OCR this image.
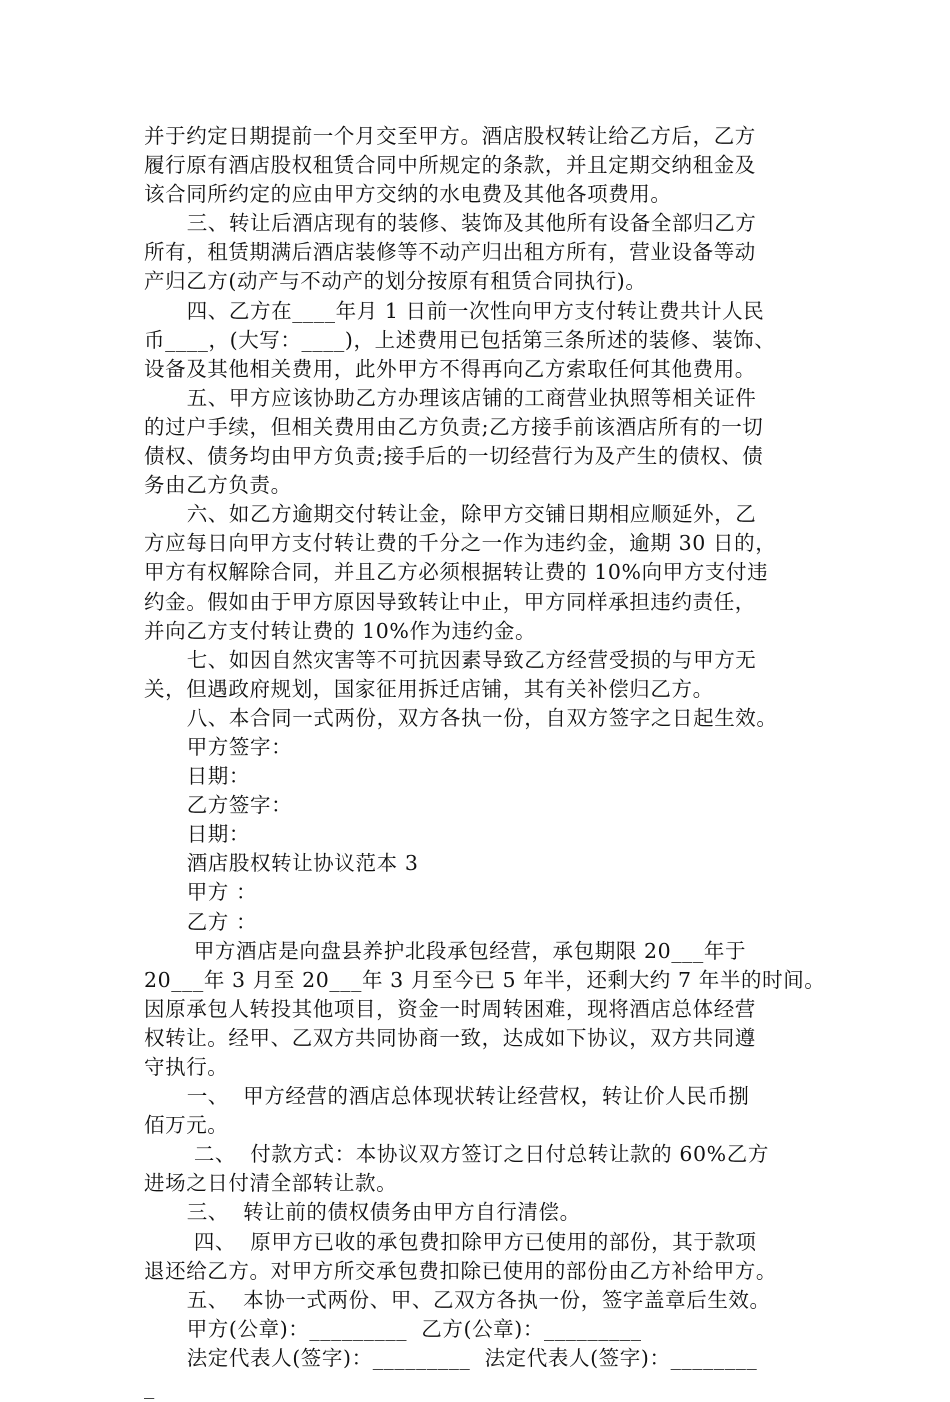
并于约定日期提前一个月交至甲方。酒店股权转让给乙方后，乙方
履行原有酒店股权租赁合同中所规定的条款，并且定期交纳租金及
该合同所约定的应由甲方交纳的水电费及其他各项费用。
三、转让后酒店现有的装修、装饰及其他所有设备全部归乙方
所有，租赁期满后酒店装修等不动产归出租方所有，营业设备等动
产归乙方(动产与不动产的划分按原有租赁合同执行)。
四、乙方在____年月 1 日前一次性向甲方支付转让费共计人民
币____，(大写：____)，上述费用已包括第三条所述的装修、装饰、
设备及其他相关费用，此外甲方不得再向乙方索取任何其他费用。
五、甲方应该协助乙方办理该店铺的工商营业执照等相关证件
的过户手续，但相关费用由乙方负责;乙方接手前该酒店所有的一切
债权、债务均由甲方负责;接手后的一切经营行为及产生的债权、债
务由乙方负责。
六、如乙方逾期交付转让金，除甲方交铺日期相应顺延外，乙
方应每日向甲方支付转让费的千分之一作为违约金，逾期 30 日的，
甲方有权解除合同，并且乙方必须根据转让费的 10%向甲方支付违
约金。假如由于甲方原因导致转让中止，甲方同样承担违约责任，
并向乙方支付转让费的 10%作为违约金。
七、如因自然灾害等不可抗因素导致乙方经营受损的与甲方无
关，但遇政府规划，国家征用拆迁店铺，其有关补偿归乙方。
八、本合同一式两份，双方各执一份，自双方签字之日起生效。
甲方签字：
日期：
乙方签字：
日期：
酒店股权转让协议范本 3
甲方 ：
乙方 ：
甲方酒店是向盘县养护北段承包经营，承包期限 20___年于
20___年 3 月至 20___年 3 月至今已 5 年半，还剩大约 7 年半的时间。
因原承包人转投其他项目，资金一时周转困难，现将酒店总体经营
权转让。经甲、乙双方共同协商一致，达成如下协议，双方共同遵
守执行。
一、  甲方经营的酒店总体现状转让经营权，转让价人民币捌
佰万元。
二、  付款方式：本协议双方签订之日付总转让款的 60%乙方
进场之日付清全部转让款。
三、  转让前的债权债务由甲方自行清偿。
四、  原甲方已收的承包费扣除甲方已使用的部份，其于款项
退还给乙方。对甲方所交承包费扣除已使用的部份由乙方补给甲方。
五、  本协一式两份、甲、乙双方各执一份，签字盖章后生效。
甲方(公章)：_________  乙方(公章)：_________
法定代表人(签字)：_________  法定代表人(签字)：________
_
